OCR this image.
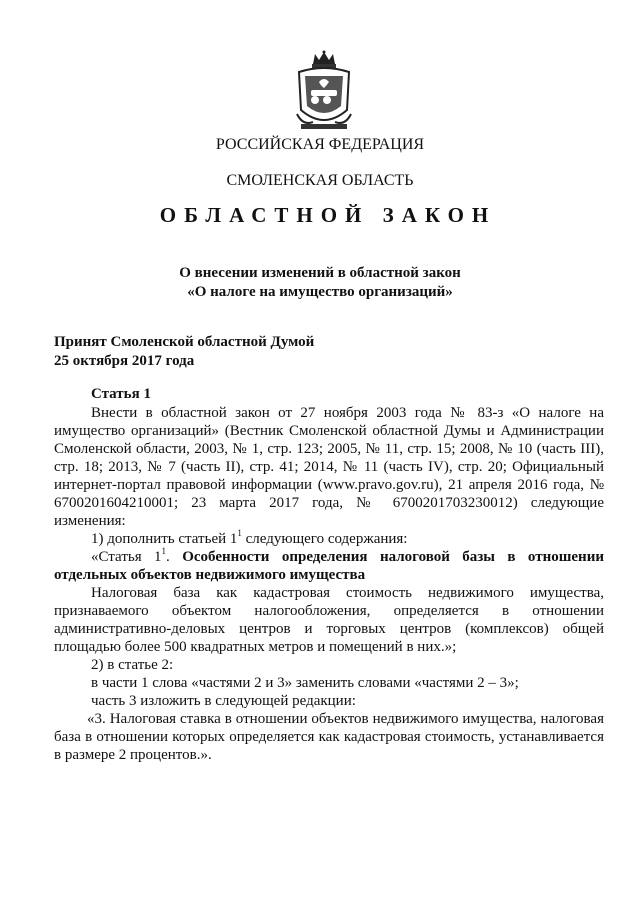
РОССИЙСКАЯ ФЕДЕРАЦИЯ
СМОЛЕНСКАЯ ОБЛАСТЬ
ОБЛАСТНОЙ ЗАКОН
О внесении изменений в областной закон
«О налоге на имущество организаций»
Принят Смоленской областной Думой
25 октября 2017 года
Статья 1

Внести в областной закон от 27 ноября 2003 года № 83-з «О налоге на имущество организаций» (Вестник Смоленской областной Думы и Администрации Смоленской области, 2003, № 1, стр. 123; 2005, № 11, стр. 15; 2008, № 10 (часть III), стр. 18; 2013, № 7 (часть II), стр. 41; 2014, № 11 (часть IV), стр. 20; Официальный интернет-портал правовой информации (www.pravo.gov.ru), 21 апреля 2016 года, № 6700201604210001; 23 марта 2017 года, № 6700201703230012) следующие изменения:

1) дополнить статьей $1^1$ следующего содержания:

«Статья $1^1$. Особенности определения налоговой базы в отношении отдельных объектов недвижимого имущества

Налоговая база как кадастровая стоимость недвижимого имущества, признаваемого объектом налогообложения, определяется в отношении административно-деловых центров и торговых центров (комплексов) общей площадью более 500 квадратных метров и помещений в них.»;

2) в статье 2:

в части 1 слова «частями 2 и 3» заменить словами «частями 2 – 3»;

часть 3 изложить в следующей редакции:

«3. Налоговая ставка в отношении объектов недвижимого имущества, налоговая база в отношении которых определяется как кадастровая стоимость, устанавливается в размере 2 процентов.».
